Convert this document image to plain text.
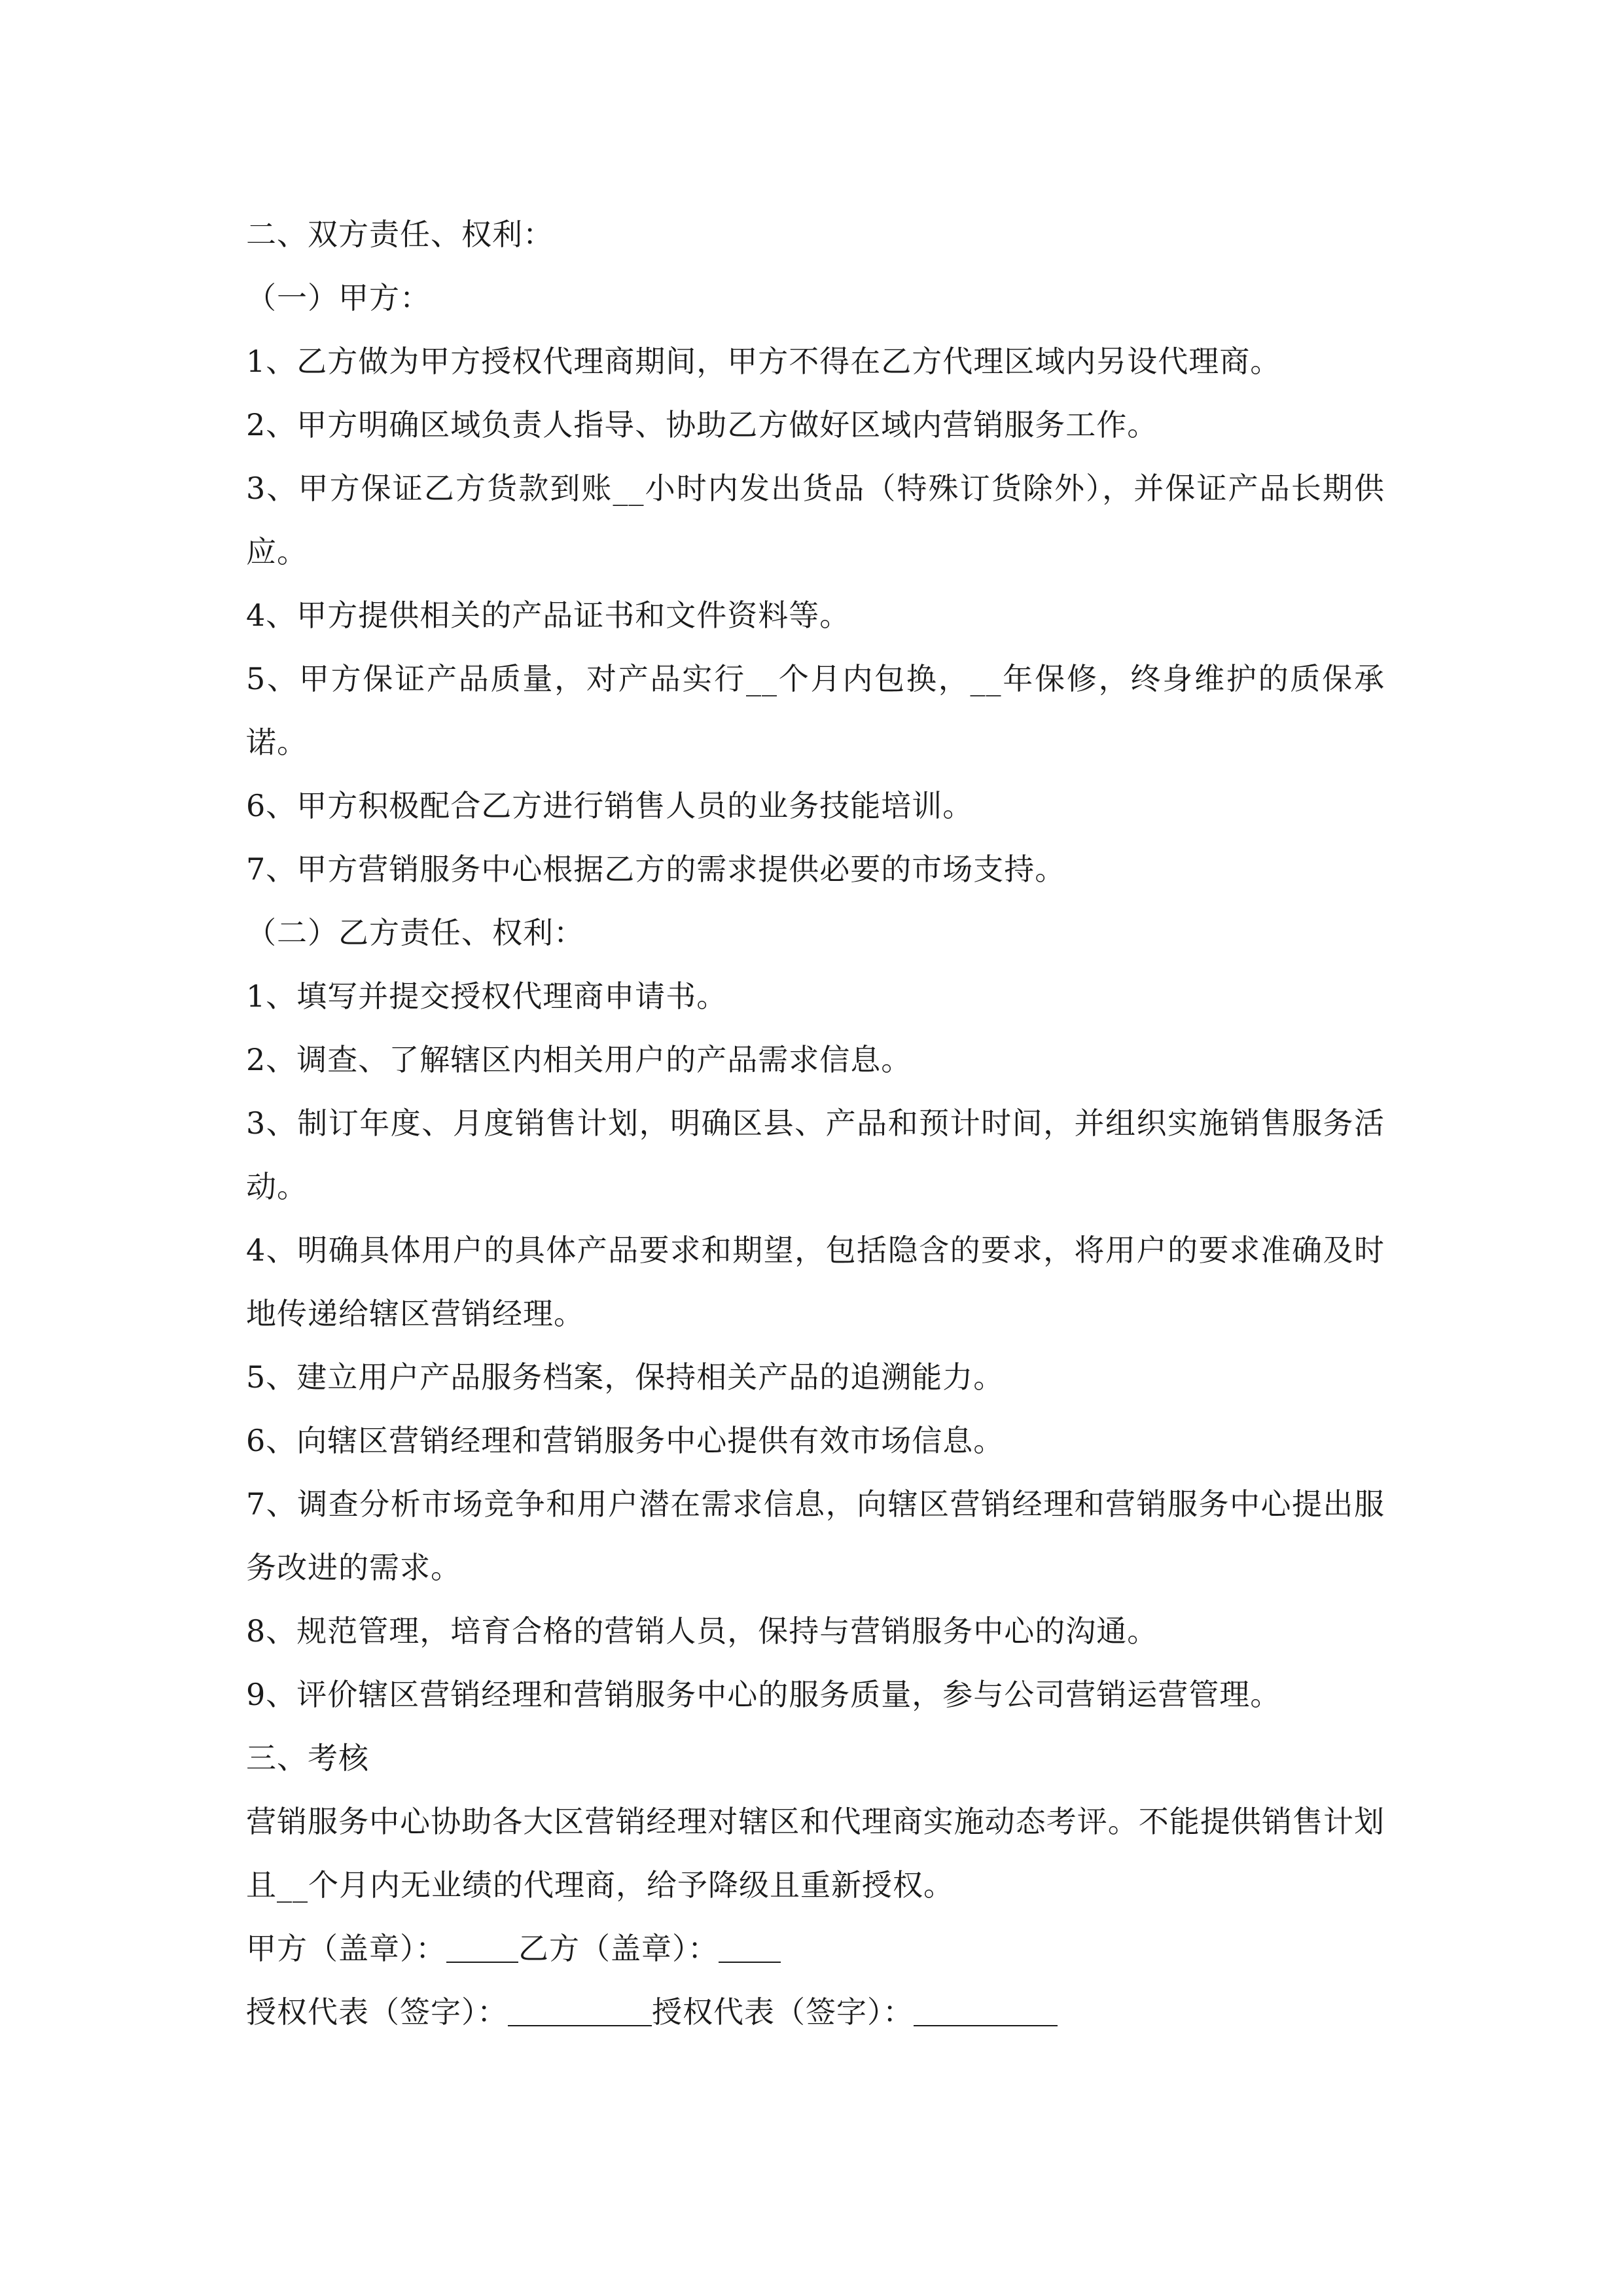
二、双方责任、权利：

（一）甲方：

1、乙方做为甲方授权代理商期间，甲方不得在乙方代理区域内另设代理商。

2、甲方明确区域负责人指导、协助乙方做好区域内营销服务工作。

3、甲方保证乙方货款到账__小时内发出货品（特殊订货除外），并保证产品长期供应。

4、甲方提供相关的产品证书和文件资料等。

5、甲方保证产品质量，对产品实行__个月内包换，__年保修，终身维护的质保承诺。

6、甲方积极配合乙方进行销售人员的业务技能培训。

7、甲方营销服务中心根据乙方的需求提供必要的市场支持。

（二）乙方责任、权利：

1、填写并提交授权代理商申请书。

2、调查、了解辖区内相关用户的产品需求信息。

3、制订年度、月度销售计划，明确区县、产品和预计时间，并组织实施销售服务活动。

4、明确具体用户的具体产品要求和期望，包括隐含的要求，将用户的要求准确及时地传递给辖区营销经理。

5、建立用户产品服务档案，保持相关产品的追溯能力。

6、向辖区营销经理和营销服务中心提供有效市场信息。

7、调查分析市场竞争和用户潜在需求信息，向辖区营销经理和营销服务中心提出服务改进的需求。

8、规范管理，培育合格的营销人员，保持与营销服务中心的沟通。

9、评价辖区营销经理和营销服务中心的服务质量，参与公司营销运营管理。

三、考核

营销服务中心协助各大区营销经理对辖区和代理商实施动态考评。不能提供销售计划且__个月内无业绩的代理商，给予降级且重新授权。

甲方（盖章）： 乙方（盖章）：

授权代表（签字）：	授权代表（签字）：
